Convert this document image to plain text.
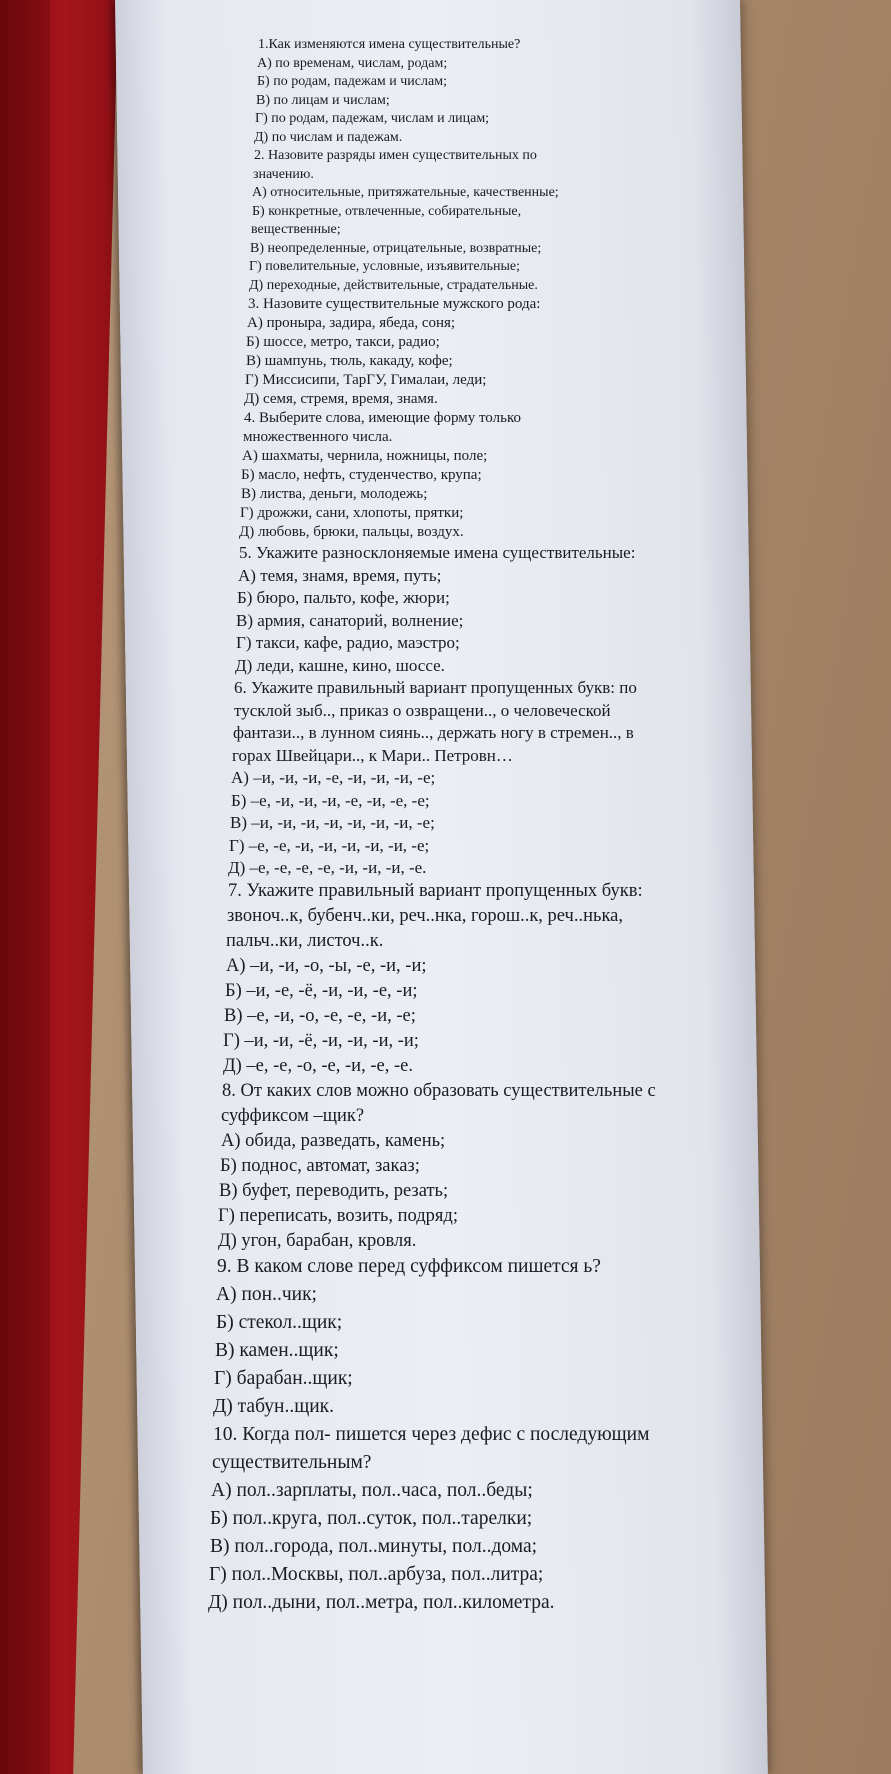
1.Как изменяются имена существительные?
А) по временам, числам, родам;
Б) по родам, падежам и числам;
В) по лицам и числам;
Г) по родам, падежам, числам и лицам;
Д) по числам и падежам.
2. Назовите разряды имен существительных по
значению.
А) относительные, притяжательные, качественные;
Б) конкретные, отвлеченные, собирательные,
вещественные;
В) неопределенные, отрицательные, возвратные;
Г) повелительные, условные, изъявительные;
Д) переходные, действительные, страдательные.
3. Назовите существительные мужского рода:
А) проныра, задира, ябеда, соня;
Б) шоссе, метро, такси, радио;
В) шампунь, тюль, какаду, кофе;
Г) Миссисипи, ТарГУ, Гималаи, леди;
Д) семя, стремя, время, знамя.
4. Выберите слова, имеющие форму только
множественного числа.
А) шахматы, чернила, ножницы, поле;
Б) масло, нефть, студенчество, крупа;
В) листва, деньги, молодежь;
Г) дрожжи, сани, хлопоты, прятки;
Д) любовь, брюки, пальцы, воздух.
5. Укажите разносклоняемые имена существительные:
А) темя, знамя, время, путь;
Б) бюро, пальто, кофе, жюри;
В) армия, санаторий, волнение;
Г) такси, кафе, радио, маэстро;
Д) леди, кашне, кино, шоссе.
6. Укажите правильный вариант пропущенных букв: по
тусклой зыб.., приказ о озвращени.., о человеческой
фантази.., в лунном сиянь.., держать ногу в стремен.., в
горах Швейцари.., к Мари.. Петровн…
А) –и, -и, -и, -е, -и, -и, -и, -е;
Б) –е, -и, -и, -и, -е, -и, -е, -е;
В) –и, -и, -и, -и, -и, -и, -и, -е;
Г) –е, -е, -и, -и, -и, -и, -и, -е;
Д) –е, -е, -е, -е, -и, -и, -и, -е.
7. Укажите правильный вариант пропущенных букв:
звоноч..к, бубенч..ки, реч..нка, горош..к, реч..нька,
пальч..ки, листоч..к.
А) –и, -и, -о, -ы, -е, -и, -и;
Б) –и, -е, -ё, -и, -и, -е, -и;
В) –е, -и, -о, -е, -е, -и, -е;
Г) –и, -и, -ё, -и, -и, -и, -и;
Д) –е, -е, -о, -е, -и, -е, -е.
8. От каких слов можно образовать существительные с
суффиксом –щик?
А) обида, разведать, камень;
Б) поднос, автомат, заказ;
В) буфет, переводить, резать;
Г) переписать, возить, подряд;
Д) угон, барабан, кровля.
9. В каком слове перед суффиксом пишется ь?
А) пон..чик;
Б) стекол..щик;
В) камен..щик;
Г) барабан..щик;
Д) табун..щик.
10. Когда пол- пишется через дефис с последующим
существительным?
А) пол..зарплаты, пол..часа, пол..беды;
Б) пол..круга, пол..суток, пол..тарелки;
В) пол..города, пол..минуты, пол..дома;
Г) пол..Москвы, пол..арбуза, пол..литра;
Д) пол..дыни, пол..метра, пол..километра.
